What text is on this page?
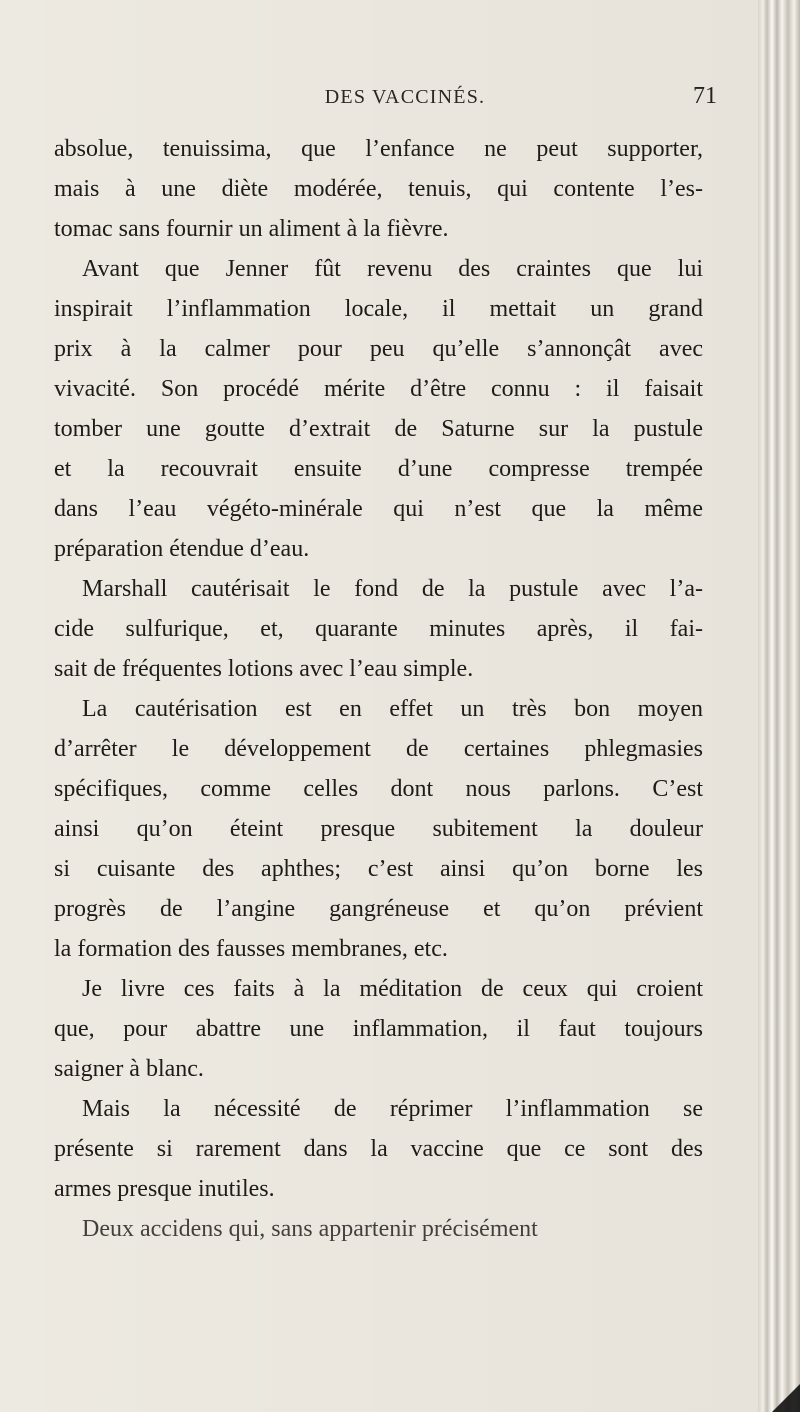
DES VACCINÉS.	71
absolue, tenuissima, que l’enfance ne peut supporter,
mais à une diète modérée, tenuis, qui contente l’es-
tomac sans fournir un aliment à la fièvre.
Avant que Jenner fût revenu des craintes que lui
inspirait l’inflammation locale, il mettait un grand
prix à la calmer pour peu qu’elle s’annonçât avec
vivacité. Son procédé mérite d’être connu : il faisait
tomber une goutte d’extrait de Saturne sur la pustule
et la recouvrait ensuite d’une compresse trempée
dans l’eau végéto-minérale qui n’est que la même
préparation étendue d’eau.
Marshall cautérisait le fond de la pustule avec l’a-
cide sulfurique, et, quarante minutes après, il fai-
sait de fréquentes lotions avec l’eau simple.
La cautérisation est en effet un très bon moyen
d’arrêter le développement de certaines phlegmasies
spécifiques, comme celles dont nous parlons. C’est
ainsi qu’on éteint presque subitement la douleur
si cuisante des aphthes; c’est ainsi qu’on borne les
progrès de l’angine gangréneuse et qu’on prévient
la formation des fausses membranes, etc.
Je livre ces faits à la méditation de ceux qui croient
que, pour abattre une inflammation, il faut toujours
saigner à blanc.
Mais la nécessité de réprimer l’inflammation se
présente si rarement dans la vaccine que ce sont des
armes presque inutiles.
Deux accidens qui, sans appartenir précisément
